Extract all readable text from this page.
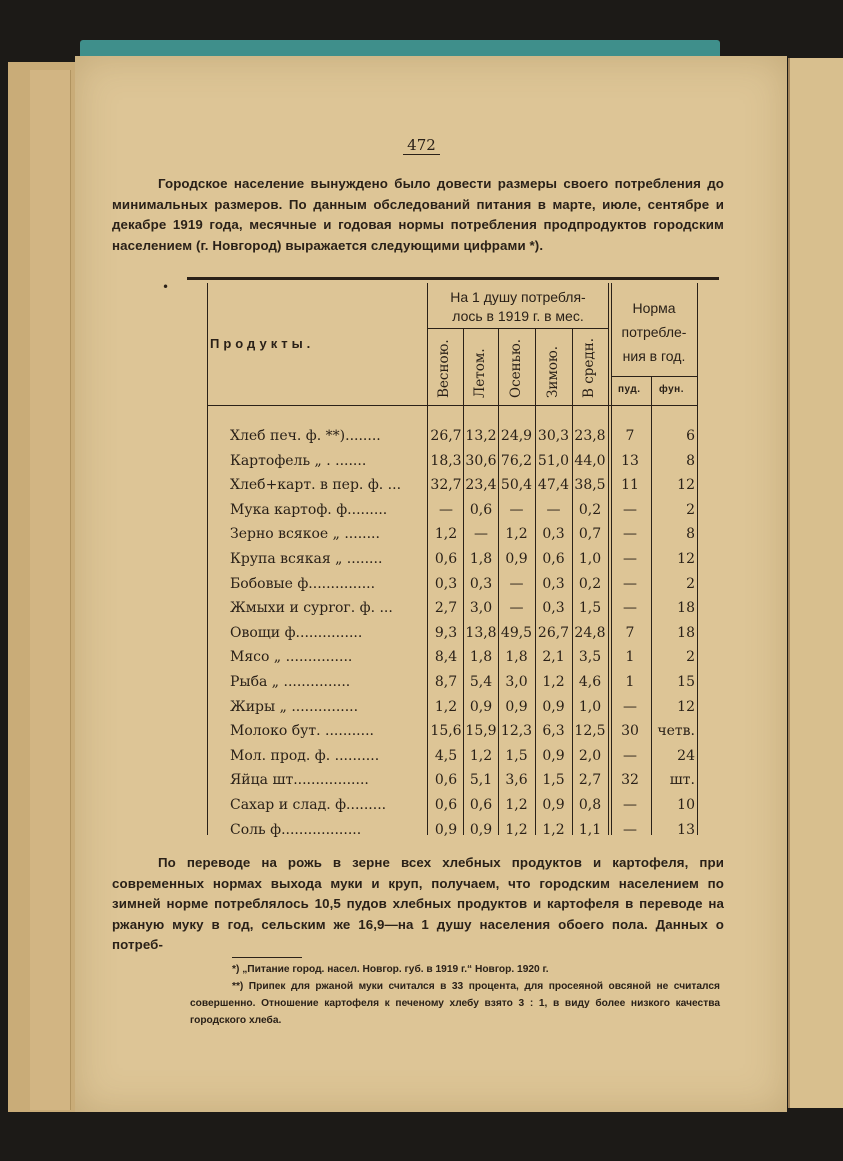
472
Городское население вынуждено было довести размеры своего потребления до минимальных размеров. По данным обследований питания в марте, июле, сентябре и декабре 1919 года, месячные и годовая нормы потребления продпродуктов городским населением (г. Новгород) выражается следующими цифрами *).
•
Продукты.
На 1 душу потребля-
лось в 1919 г. в мес.
Весною. Летом. Осенью. Зимою. В средн.
Норма
потребле-
ния в год.
пуд. фун.
Хлеб печ. ф. **)........	26,7 13,2 24,9 30,3 23,8	7	6
Картофель „ . .......	18,3 30,6 76,2 51,0 44,0	13	8
Хлеб+карт. в пер. ф. ...	32,7 23,4 50,4 47,4 38,5	11	12
Мука картоф. ф.........	—	0,6	—	—	0,2	—	2
Зерно всякое „ ........	1,2	—	1,2	0,3	0,7	—	8
Крупа всякая „ ........	0,6 1,8 0,9	0,6	1,0	—	12
Бобовые ф...............	0,3 0,3	—	0,3	0,2	—	2
Жмыхи и сурrог. ф. ...	2,7 3,0	—	0,3	1,5	—	18
Овощи ф...............	9,3 13,8 49,5 26,7 24,8	7	18
Мясо „ ...............	8,4 1,8 1,8	2,1	3,5	1	2
Рыба „ ...............	8,7 5,4 3,0	1,2	4,6	1	15
Жиры „ ...............	1,2 0,9 0,9	0,9	1,0	—	12
Молоко бут. ...........	15,6 15,9 12,3 6,3 12,5	30	четв.
Мол. прод. ф. ..........	4,5 1,2 1,5	0,9	2,0	—	24
Яйца шт.................	0,6 5,1 3,6	1,5	2,7	32	шт.
Сахар и слад. ф.........	0,6 0,6 1,2	0,9	0,8	—	10
Соль ф..................	0,9 0,9 1,2	1,2	1,1	—	13
По переводе на рожь в зерне всех хлебных продуктов и картофеля, при современных нормах выхода муки и круп, получаем, что городским населением по зимней норме потреблялось 10,5 пудов хлебных продуктов и картофеля в переводе на ржаную муку в год, сельским же 16,9—на 1 душу населения обоего пола. Данных о потреб-
*) „Питание город. насел. Новгор. губ. в 1919 г.“ Новгор. 1920 г.
**) Припек для ржаной муки считался в 33 процента, для просеяной овсяной не считался совершенно. Отношение картофеля к печеному хлебу взято 3 : 1, в виду более низкого качества городского хлеба.
